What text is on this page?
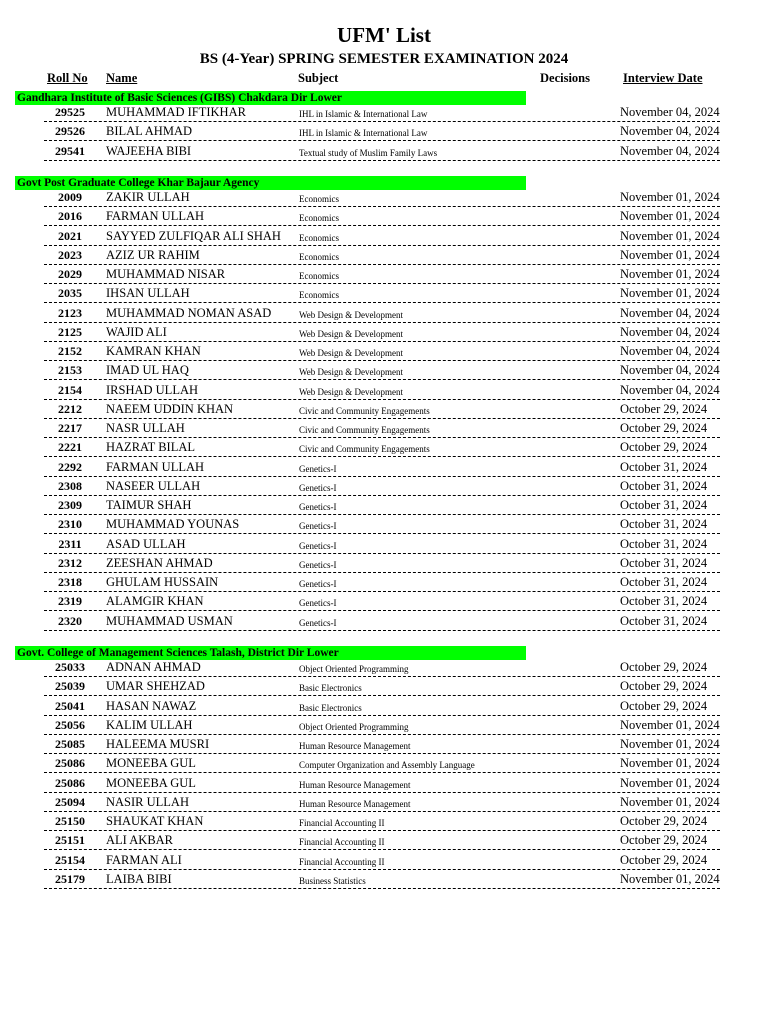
UFM' List
BS (4-Year) SPRING SEMESTER EXAMINATION 2024
Roll No Name	Subject	Decisions	Interview Date
Gandhara Institute of Basic Sciences (GIBS) Chakdara Dir Lower
29525	MUHAMMAD IFTIKHAR	IHL in Islamic & International Law	November 04, 2024
29526	BILAL AHMAD	IHL in Islamic & International Law	November 04, 2024
29541	WAJEEHA BIBI	Textual study of Muslim Family Laws	November 04, 2024
Govt Post Graduate College Khar Bajaur Agency
2009	ZAKIR ULLAH	Economics	November 01, 2024
2016	FARMAN ULLAH	Economics	November 01, 2024
2021	SAYYED ZULFIQAR ALI SHAH	Economics	November 01, 2024
2023	AZIZ UR RAHIM	Economics	November 01, 2024
2029	MUHAMMAD NISAR	Economics	November 01, 2024
2035	IHSAN ULLAH	Economics	November 01, 2024
2123	MUHAMMAD NOMAN ASAD	Web Design & Development	November 04, 2024
2125	WAJID ALI	Web Design & Development	November 04, 2024
2152	KAMRAN KHAN	Web Design & Development	November 04, 2024
2153	IMAD UL HAQ	Web Design & Development	November 04, 2024
2154	IRSHAD ULLAH	Web Design & Development	November 04, 2024
2212	NAEEM UDDIN KHAN	Civic and Community Engagements	October 29, 2024
2217	NASR ULLAH	Civic and Community Engagements	October 29, 2024
2221	HAZRAT BILAL	Civic and Community Engagements	October 29, 2024
2292	FARMAN ULLAH	Genetics-I	October 31, 2024
2308	NASEER ULLAH	Genetics-I	October 31, 2024
2309	TAIMUR SHAH	Genetics-I	October 31, 2024
2310	MUHAMMAD YOUNAS	Genetics-I	October 31, 2024
2311	ASAD ULLAH	Genetics-I	October 31, 2024
2312	ZEESHAN AHMAD	Genetics-I	October 31, 2024
2318	GHULAM HUSSAIN	Genetics-I	October 31, 2024
2319	ALAMGIR KHAN	Genetics-I	October 31, 2024
2320	MUHAMMAD USMAN	Genetics-I	October 31, 2024
Govt. College of Management Sciences Talash, District Dir Lower
25033	ADNAN AHMAD	Object Oriented Programming	October 29, 2024
25039	UMAR SHEHZAD	Basic Electronics	October 29, 2024
25041	HASAN NAWAZ	Basic Electronics	October 29, 2024
25056	KALIM ULLAH	Object Oriented Programming	November 01, 2024
25085	HALEEMA MUSRI	Human Resource Management	November 01, 2024
25086	MONEEBA GUL	Computer Organization and Assembly Language	November 01, 2024
25086	MONEEBA GUL	Human Resource Management	November 01, 2024
25094	NASIR ULLAH	Human Resource Management	November 01, 2024
25150	SHAUKAT KHAN	Financial Accounting II	October 29, 2024
25151	ALI AKBAR	Financial Accounting II	October 29, 2024
25154	FARMAN ALI	Financial Accounting II	October 29, 2024
25179	LAIBA BIBI	Business Statistics	November 01, 2024
